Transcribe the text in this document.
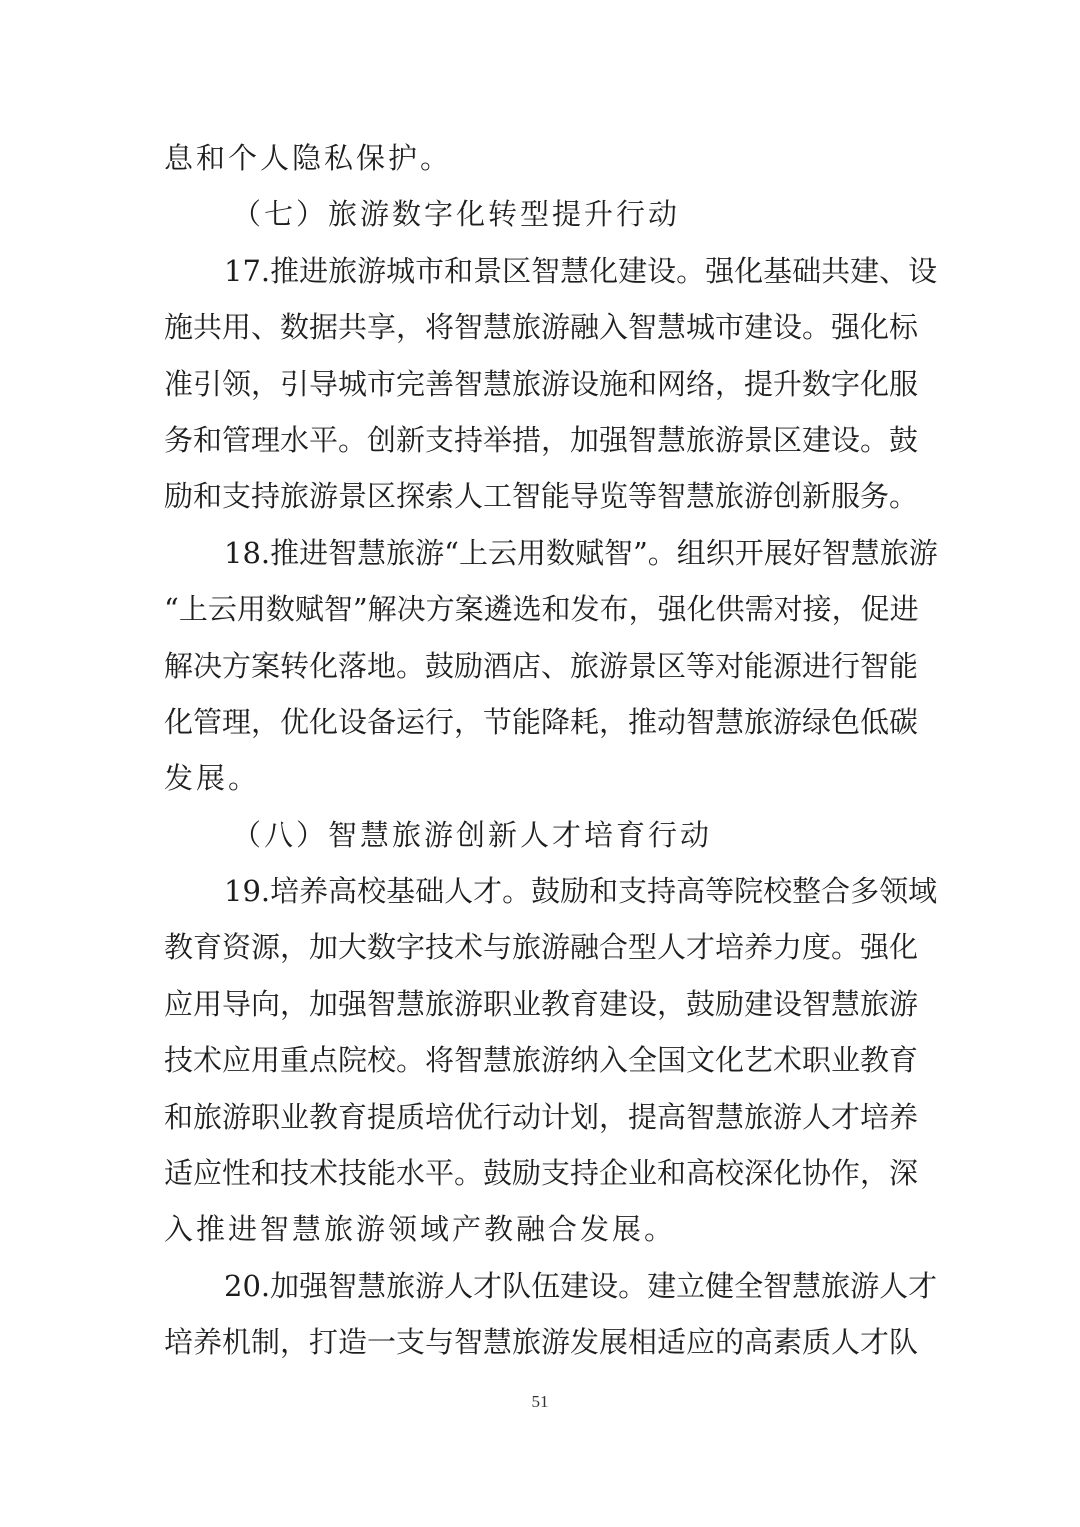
息和个人隐私保护。
（七）旅游数字化转型提升行动
17.推进旅游城市和景区智慧化建设。强化基础共建、设
施共用、数据共享，将智慧旅游融入智慧城市建设。强化标
准引领，引导城市完善智慧旅游设施和网络，提升数字化服
务和管理水平。创新支持举措，加强智慧旅游景区建设。鼓
励和支持旅游景区探索人工智能导览等智慧旅游创新服务。
18.推进智慧旅游“上云用数赋智”。组织开展好智慧旅游
“上云用数赋智”解决方案遴选和发布，强化供需对接，促进
解决方案转化落地。鼓励酒店、旅游景区等对能源进行智能
化管理，优化设备运行，节能降耗，推动智慧旅游绿色低碳
发展。
（八）智慧旅游创新人才培育行动
19.培养高校基础人才。鼓励和支持高等院校整合多领域
教育资源，加大数字技术与旅游融合型人才培养力度。强化
应用导向，加强智慧旅游职业教育建设，鼓励建设智慧旅游
技术应用重点院校。将智慧旅游纳入全国文化艺术职业教育
和旅游职业教育提质培优行动计划，提高智慧旅游人才培养
适应性和技术技能水平。鼓励支持企业和高校深化协作，深
入推进智慧旅游领域产教融合发展。
20.加强智慧旅游人才队伍建设。建立健全智慧旅游人才
培养机制，打造一支与智慧旅游发展相适应的高素质人才队
51
